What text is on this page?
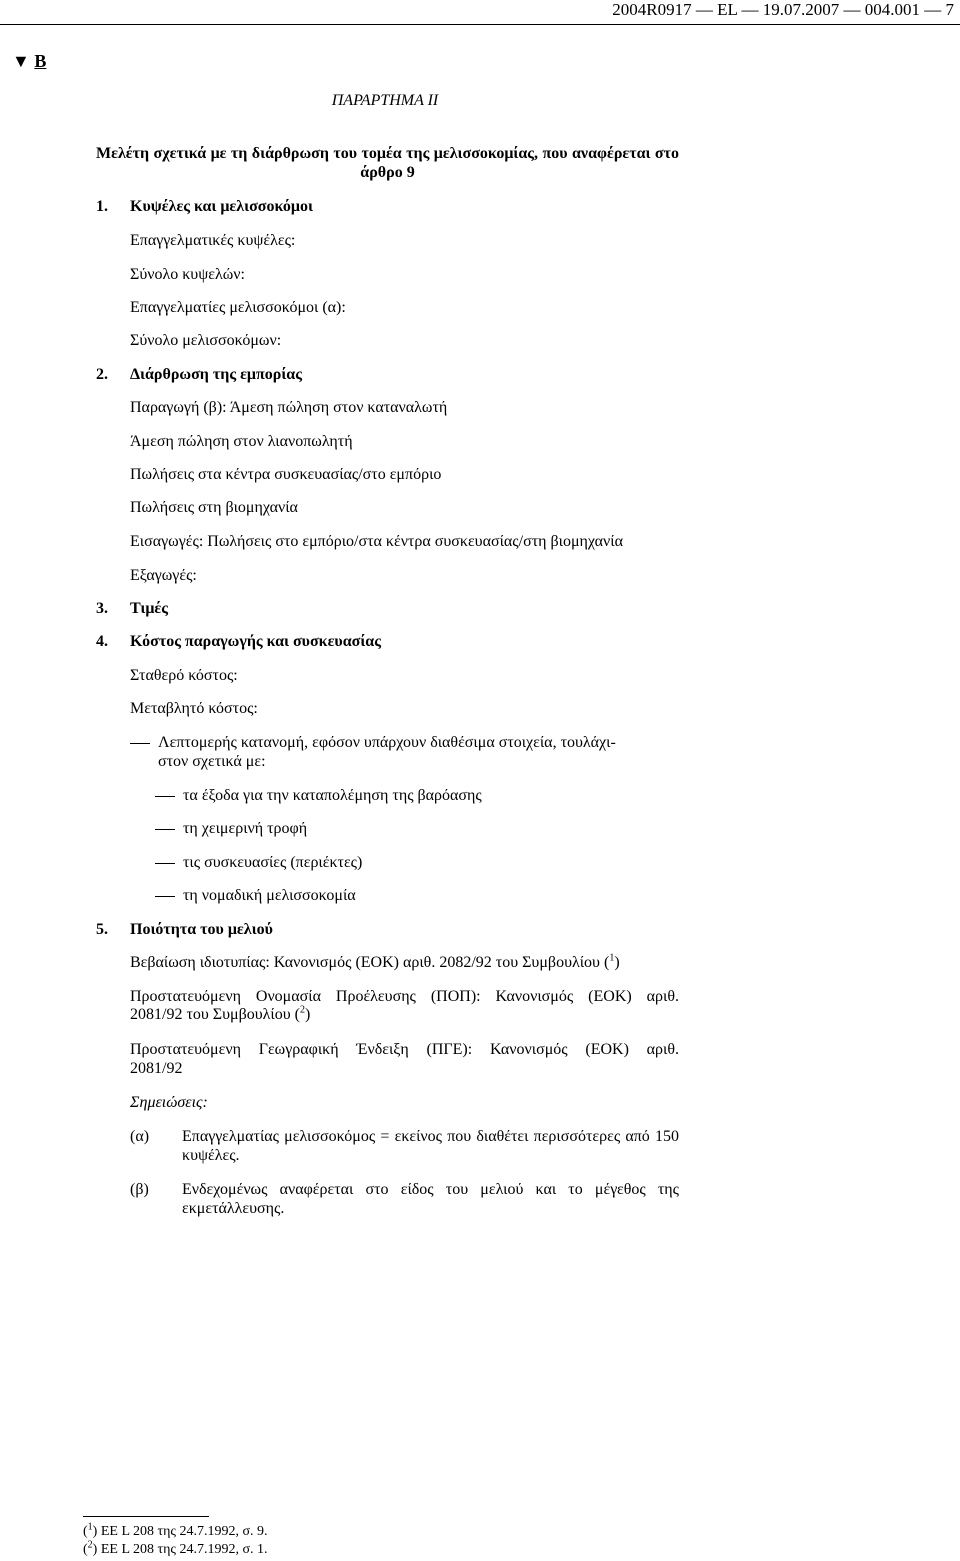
2004R0917 — EL — 19.07.2007 — 004.001 — 7
▼ B
ΠΑΡΑΡΤΗΜΑ II
Μελέτη σχετικά με τη διάρθρωση του τομέα της μελισσοκομίας, που αναφέρεται στο άρθρο 9
1. Κυψέλες και μελισσοκόμοι
Επαγγελματικές κυψέλες:
Σύνολο κυψελών:
Επαγγελματίες μελισσοκόμοι (α):
Σύνολο μελισσοκόμων:
2. Διάρθρωση της εμπορίας
Παραγωγή (β): Άμεση πώληση στον καταναλωτή
Άμεση πώληση στον λιανοπωλητή
Πωλήσεις στα κέντρα συσκευασίας/στο εμπόριο
Πωλήσεις στη βιομηχανία
Εισαγωγές: Πωλήσεις στο εμπόριο/στα κέντρα συσκευασίας/στη βιομηχανία
Εξαγωγές:
3. Τιμές
4. Κόστος παραγωγής και συσκευασίας
Σταθερό κόστος:
Μεταβλητό κόστος:
Λεπτομερής κατανομή, εφόσον υπάρχουν διαθέσιμα στοιχεία, τουλάχι-
στον σχετικά με:
τα έξοδα για την καταπολέμηση της βαρόασης
τη χειμερινή τροφή
τις συσκευασίες (περιέκτες)
τη νομαδική μελισσοκομία
5. Ποιότητα του μελιού
Βεβαίωση ιδιοτυπίας: Κανονισμός (ΕΟΚ) αριθ. 2082/92 του Συμβουλίου ($^1$)
Προστατευόμενη Ονομασία Προέλευσης (ΠΟΠ): Κανονισμός (ΕΟΚ) αριθ.
2081/92 του Συμβουλίου ($^2$)
Προστατευόμενη Γεωγραφική Ένδειξη (ΠΓΕ): Κανονισμός (ΕΟΚ) αριθ.
2081/92
Σημειώσεις:
(α) Επαγγελματίας μελισσοκόμος = εκείνος που διαθέτει περισσότερες από 150 κυψέλες.
(β) Ενδεχομένως αναφέρεται στο είδος του μελιού και το μέγεθος της εκμετάλλευσης.
($^1$) ΕΕ L 208 της 24.7.1992, σ. 9.
($^2$) ΕΕ L 208 της 24.7.1992, σ. 1.
